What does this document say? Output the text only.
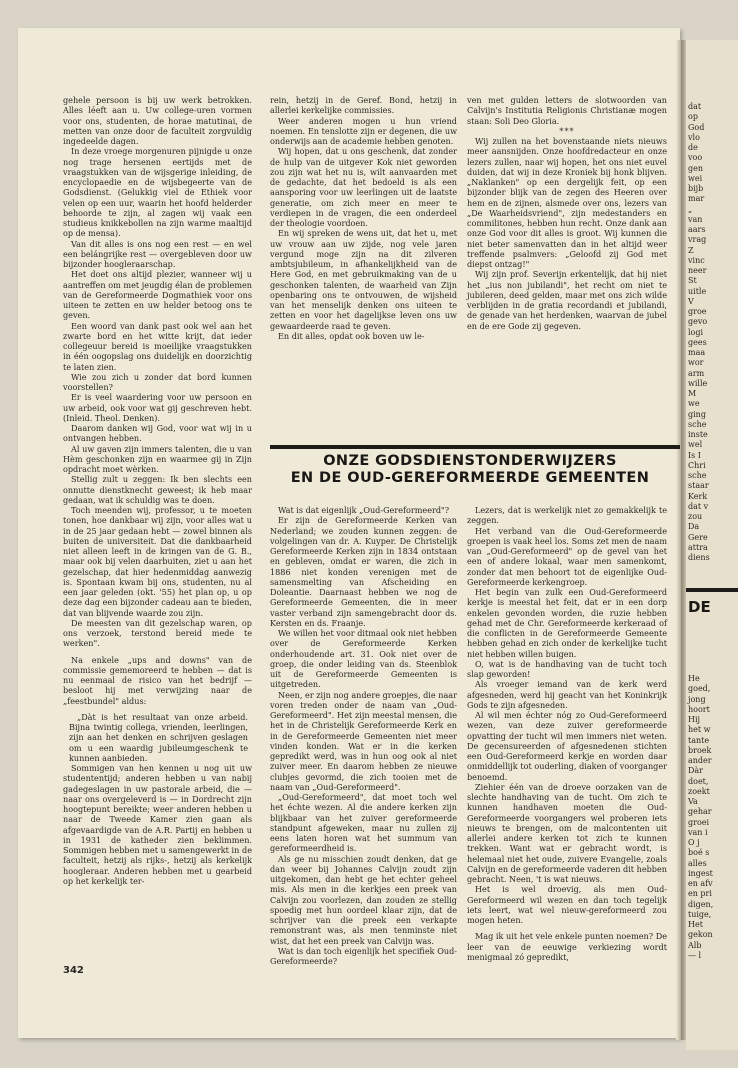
dat
op
God
vlo
de
voo
gen
wei
bijb
mar
„
van
aars
vrag
Z
vinc
neer
St
uitle
V
groe
gevo
logi
gees
maa
wor
arm
wille
M
we
ging
sche
inste
wel
Is I
Chri
sche
staar
Kerk
dat v
zou
Da
Gere
attra
diens
DE
He
goed,
jong
hoort
Hij
het w
tante
broek
ander
Dàr
doet,
zoekt
Va
gehar
groei
van i
O j
boé s
alles
ingest
en afv
en pri
digen,
tuige,
Het
gekon
Alb
— l

gehele persoon is bij uw werk betrokken. Alles léeft aan u. Uw college-uren vormen voor ons, studenten, de horae matutinai, de metten van onze door de faculteit zorgvuldig ingedeelde dagen.

In deze vroege morgenuren pijnigde u onze nog trage hersenen eertijds met de vraagstukken van de wijsgerige inleiding, de encyclopaedie en de wijsbegeerte van de Godsdienst. (Gelukkig viel de Ethiek voor velen op een uur, waarin het hoofd helderder behoorde te zijn, al zagen wij vaak een studieus knikkebollen na zijn warme maaltijd op de mensa).

Van dit alles is ons nog een rest — en wel een belángrijke rest — overgebleven door uw bijzonder hoogleraarschap.

Het doet ons altijd plezier, wanneer wij u aantreffen om met jeugdig élan de problemen van de Gereformeerde Dogmathiek voor ons uiteen te zetten en uw helder betoog ons te geven.

Een woord van dank past ook wel aan het zwarte bord en het witte krijt, dat ieder collegeuur bereid is moeilijke vraagstukken in één oogopslag ons duidelijk en doorzichtig te laten zien.

Wie zou zich u zonder dat bord kunnen voorstellen?

Er is veel waardering voor uw persoon en uw arbeid, ook voor wat gij geschreven hebt. (Inleid. Theol. Denken).

Daarom danken wij God, voor wat wij in u ontvangen hebben.

Al uw gaven zijn immers talenten, die u van Hèm geschonken zijn en waarmee gij in Zijn opdracht moet wèrken.

Stellig zult u zeggen: Ik ben slechts een onnutte dienstknecht geweest; ik heb maar gedaan, wat ik schuldig was te doen.

Toch meenden wij, professor, u te moeten tonen, hoe dankbaar wij zijn, voor alles wat u in de 25 jaar gedaan hebt — zowel binnen als buiten de universiteit. Dat die dankbaarheid niet alleen leeft in de kringen van de G. B., maar ook bij velen daarbuiten, ziet u aan het gezelschap, dat hier hedenmiddag aanwezig is. Spontaan kwam bij ons, studenten, nu al een jaar geleden (okt. '55) het plan op, u op deze dag een bijzonder cadeau aan te bieden, dat van blijvende waarde zou zijn.

De meesten van dit gezelschap waren, op ons verzoek, terstond bereid mede te werken".

Na enkele „ups and downs" van de commissie gememoreerd te hebben — dat is nu eenmaal de risico van het bedrijf — besloot hij met verwijzing naar de „feestbundel" aldus:

„Dàt is het resultaat van onze arbeid. Bijna twintig collega, vrienden, leerlingen, zijn aan het denken en schrijven geslagen om u een waardig jubileumgeschenk te kunnen aanbieden.

Sommigen van hen kennen u nog uit uw studententijd; anderen hebben u van nabij gadegeslagen in uw pastorale arbeid, die — naar ons overgeleverd is — in Dordrecht zijn hoogtepunt bereikte; weer anderen hebben u naar de Tweede Kamer zien gaan als afgevaardigde van de A.R. Partij en hebben u in 1931 de katheder zien beklimmen. Sommigen hebben met u samengewerkt in de faculteit, hetzij als rijks-, hetzij als kerkelijk hoogleraar. Anderen hebben met u gearbeid op het kerkelijk ter-

rein, hetzij in de Geref. Bond, hetzij in allerlei kerkelijke commissies.

Weer anderen mogen u hun vriend noemen. En tenslotte zijn er degenen, die uw onderwijs aan de academie hebben genoten.

Wij hopen, dat u ons geschenk, dat zonder de hulp van de uitgever Kok niet geworden zou zijn wat het nu is, wilt aanvaarden met de gedachte, dat het bedoeld is als een aansporing voor uw leerlingen uit de laatste generatie, om zich meer en meer te verdiepen in de vragen, die een onderdeel der theologie voordoen.

En wij spreken de wens uit, dat het u, met uw vrouw aan uw zijde, nog vele jaren vergund moge zijn na dit zilveren ambtsjubileum, in afhankelijkheid van de Here God, en met gebruikmaking van de u geschonken talenten, de waarheid van Zijn openbaring ons te ontvouwen, de wijsheid van het menselijk denken ons uiteen te zetten en voor het dagelijkse leven ons uw gewaardeerde raad te geven.

En dit alles, opdat ook boven uw le-

ven met gulden letters de slotwoorden van Calvijn's Institutia Religionis Christianæ mogen staan: Soli Deo Gloria.

***

Wij zullen na het bovenstaande niets nieuws meer aansnijden. Onze hoofdredacteur en onze lezers zullen, naar wij hopen, het ons niet euvel duiden, dat wij in deze Kroniek bij honk blijven. „Naklanken" op een dergelijk feit, op een bijzonder blijk van de zegen des Heeren over hem en de zijnen, alsmede over ons, lezers van „De Waarheidsvriend", zijn medestanders en commilitones, hebben hun recht. Onze dank aan onze God voor dit alles is groot. Wij kunnen die niet beter samenvatten dan in het altijd weer treffende psalmvers: „Geloofd zij God met diepst ontzag!"

Wij zijn prof. Severijn erkentelijk, dat hij niet het „ius non jubilandi", het recht om niet te jubileren, deed gelden, maar met ons zich wilde verblijden in de gratia recordandi et jubilandi, de genade van het herdenken, waarvan de jubel en de ere Gode zij gegeven.

ONZE GODSDIENSTONDERWIJZERS
EN DE OUD-GEREFORMEERDE GEMEENTEN

Wat is dat eigenlijk „Oud-Gereformeerd"?

Er zijn de Gereformeerde Kerken van Nederland; we zouden kunnen zeggen: de volgelingen van dr. A. Kuyper. De Christelijk Gereformeerde Kerken zijn in 1834 ontstaan en gebleven, omdat er waren, die zich in 1886 niet konden verenigen met de samensmelting van Afscheiding en Doleantie. Daarnaast hebben we nog de Gereformeerde Gemeenten, die in meer vaster verband zijn samengebracht door ds. Kersten en ds. Fraanje.

We willen het voor ditmaal ook niet hebben over de Gereformeerde Kerken onderhoudende art. 31. Ook niet over de groep, die onder leiding van ds. Steenblok uit de Gereformeerde Gemeenten is uitgetreden.

Neen, er zijn nog andere groepjes, die naar voren treden onder de naam van „Oud-Gereformeerd". Het zijn meestal mensen, die het in de Christelijk Gereformeerde Kerk en in de Gereformeerde Gemeenten niet meer vinden konden. Wat er in die kerken gepredikt werd, was in hun oog ook al niet zuiver meer. En daarom hebben ze nieuwe clubjes gevormd, die zich tooien met de naam van „Oud-Gereformeerd".

„Oud-Gereformeerd", dat moet toch wel het échte wezen. Al die andere kerken zijn blijkbaar van het zuiver gereformeerde standpunt afgeweken, maar nu zullen zij eens laten horen wat het summum van gereformeerdheid is.

Als ge nu misschien zoudt denken, dat ge dan weer bij Johannes Calvijn zoudt zijn uitgekomen, dan hebt ge het echter geheel mis. Als men in die kerkjes een preek van Calvijn zou voorlezen, dan zouden ze stellig spoedig met hun oordeel klaar zijn, dat de schrijver van die preek een verkapte remonstrant was, als men tenminste niet wist, dat het een preek van Calvijn was.

Wat is dan toch eigenlijk het specifiek Oud-Gereformeerde?

Lezers, dat is werkelijk niet zo gemakkelijk te zeggen.

Het verband van die Oud-Gereformeerde groepen is vaak heel los. Soms zet men de naam van „Oud-Gereformeerd" op de gevel van het een of andere lokaal, waar men samenkomt, zonder dat men behoort tot de eigenlijke Oud-Gereformeerde kerkengroep.

Het begin van zulk een Oud-Gereformeerd kerkje is meestal het feit, dat er in een dorp enkelen gevonden worden, die ruzie hebben gehad met de Chr. Gereformeerde kerkeraad of die conflicten in de Gereformeerde Gemeente hebben gehad en zich onder de kerkelijke tucht niet hebben willen buigen.

O, wat is de handhaving van de tucht toch slap geworden!

Als vroeger iemand van de kerk werd afgesneden, werd hij geacht van het Koninkrijk Gods te zijn afgesneden.

Al wil men échter nóg zo Oud-Gereformeerd wezen, van deze zuiver gereformeerde opvatting der tucht wil men immers niet weten. De gecensureerden of afgesnedenen stichten een Oud-Gereformeerd kerkje en worden daar onmiddellijk tot ouderling, diaken of voorganger benoemd.

Ziehier één van de droeve oorzaken van de slechte handhaving van de tucht. Om zich te kunnen handhaven moeten die Oud-Gereformeerde voorgangers wel proberen iets nieuws te brengen, om de malcontenten uit allerlei andere kerken tot zich te kunnen trekken. Want wat er gebracht wordt, is helemaal niet het oude, zuivere Evangelie, zoals Calvijn en de gereformeerde vaderen dit hebben gebracht. Neen, 't is wat nieuws.

Het is wel droevig, als men Oud-Gereformeerd wil wezen en dan toch tegelijk iets leert, wat wel nieuw-gereformeerd zou mogen heten.

Mag ik uit het vele enkele punten noemen? De leer van de eeuwige verkiezing wordt menigmaal zó gepredikt,

342
